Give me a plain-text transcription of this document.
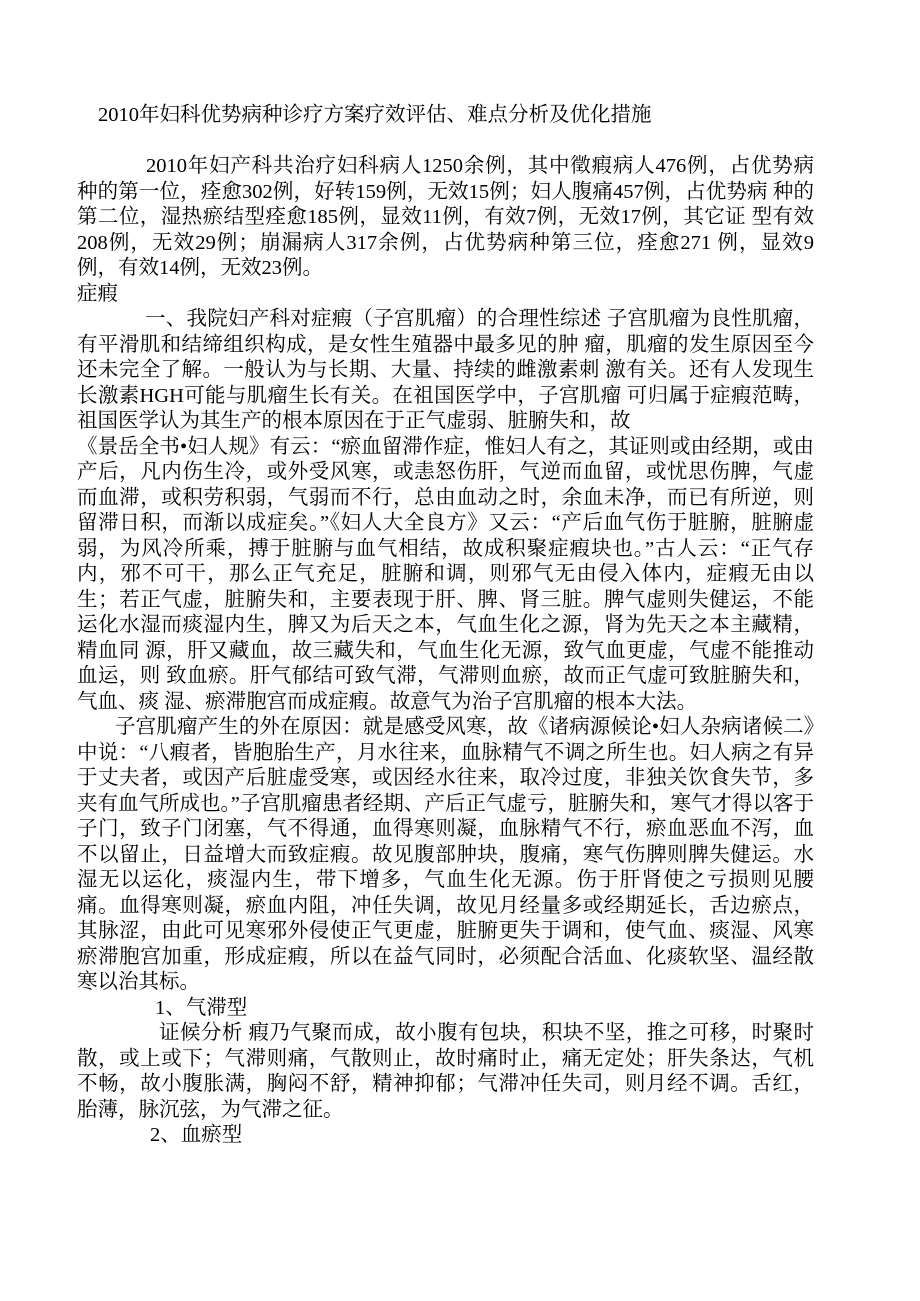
2010年妇科优势病种诊疗方案疗效评估、难点分析及优化措施

2010年妇产科共治疗妇科病人1250余例，其中徵瘕病人476例，占优势病 种的第一位，痊愈302例，好转159例，无效15例；妇人腹痛457例，占优势病 种的第二位，湿热瘀结型痊愈185例，显效11例，有效7例，无效17例，其它证 型有效208例，无效29例；崩漏病人317余例，占优势病种第三位，痊愈271 例，显效9例，有效14例，无效23例。

症瘕

一、我院妇产科对症瘕（子宫肌瘤）的合理性综述 子宫肌瘤为良性肌瘤，有平滑肌和结缔组织构成，是女性生殖器中最多见的肿 瘤，肌瘤的发生原因至今还未完全了解。一般认为与长期、大量、持续的雌激素刺 激有关。还有人发现生长激素HGH可能与肌瘤生长有关。在祖国医学中，子宫肌瘤 可归属于症瘕范畴，祖国医学认为其生产的根本原因在于正气虚弱、脏腑失和，故

《景岳全书•妇人规》有云：“瘀血留滞作症，惟妇人有之，其证则或由经期，或由产后，凡内伤生冷，或外受风寒，或恚怒伤肝，气逆而血留，或忧思伤脾，气虚而血滞，或积劳积弱，气弱而不行，总由血动之时，余血未净，而已有所逆，则留滞日积，而渐以成症矣。”《妇人大全良方》又云：“产后血气伤于脏腑，脏腑虚弱，为风冷所乘，搏于脏腑与血气相结，故成积聚症瘕块也。”古人云：“正气存内，邪不可干，那么正气充足，脏腑和调，则邪气无由侵入体内，症瘕无由以生；若正气虚，脏腑失和，主要表现于肝、脾、肾三脏。脾气虚则失健运，不能运化水湿而痰湿内生，脾又为后天之本，气血生化之源，肾为先天之本主藏精，精血同 源，肝又藏血，故三藏失和，气血生化无源，致气血更虚，气虚不能推动血运，则 致血瘀。肝气郁结可致气滞，气滞则血瘀，故而正气虚可致脏腑失和，气血、痰 湿、瘀滞胞宫而成症瘕。故意气为治子宫肌瘤的根本大法。

子宫肌瘤产生的外在原因：就是感受风寒，故《诸病源候论•妇人杂病诸候二》中说：“八瘕者，皆胞胎生产，月水往来，血脉精气不调之所生也。妇人病之有异于丈夫者，或因产后脏虚受寒，或因经水往来，取冷过度，非独关饮食失节，多夹有血气所成也。”子宫肌瘤患者经期、产后正气虚亏，脏腑失和，寒气才得以客于子门，致子门闭塞，气不得通，血得寒则凝，血脉精气不行，瘀血恶血不泻，血不以留止，日益增大而致症瘕。故见腹部肿块，腹痛，寒气伤脾则脾失健运。水湿无以运化，痰湿内生，带下增多，气血生化无源。伤于肝肾使之亏损则见腰痛。血得寒则凝，瘀血内阻，冲任失调，故见月经量多或经期延长，舌边瘀点，其脉涩，由此可见寒邪外侵使正气更虚，脏腑更失于调和，使气血、痰湿、风寒瘀滞胞宫加重，形成症瘕，所以在益气同时，必须配合活血、化痰软坚、温经散寒以治其标。

1、气滞型

证候分析 瘕乃气聚而成，故小腹有包块，积块不坚，推之可移，时聚时散，或上或下；气滞则痛，气散则止，故时痛时止，痛无定处；肝失条达，气机不畅，故小腹胀满，胸闷不舒，精神抑郁；气滞冲任失司，则月经不调。舌红，胎薄，脉沉弦，为气滞之征。

2、血瘀型
